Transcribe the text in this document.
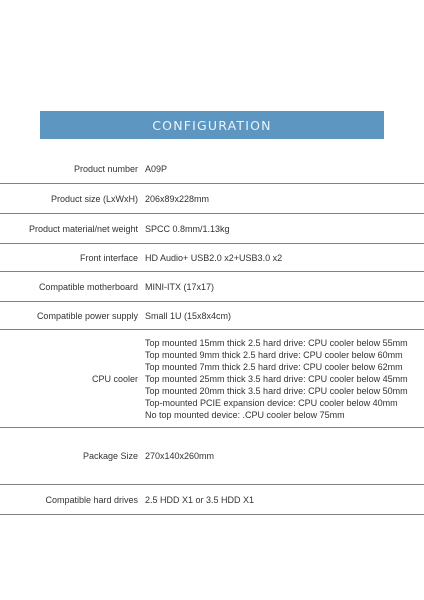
CONFIGURATION
Product number A09P
Product size (LxWxH) 206x89x228mm
Product material/net weight SPCC 0.8mm/1.13kg
Front interface HD Audio+ USB2.0 x2+USB3.0 x2
Compatible motherboard MINI-ITX (17x17)
Compatible power supply Small 1U (15x8x4cm)
CPU cooler
Top mounted 15mm thick 2.5 hard drive: CPU cooler below 55mm
Top mounted 9mm thick 2.5 hard drive: CPU cooler below 60mm
Top mounted 7mm thick 2.5 hard drive: CPU cooler below 62mm
Top mounted 25mm thick 3.5 hard drive: CPU cooler below 45mm
Top mounted 20mm thick 3.5 hard drive: CPU cooler below 50mm
Top-mounted PCIE expansion device: CPU cooler below 40mm
No top mounted device: .CPU cooler below 75mm
Package Size 270x140x260mm
Compatible hard drives 2.5 HDD X1 or 3.5 HDD X1
